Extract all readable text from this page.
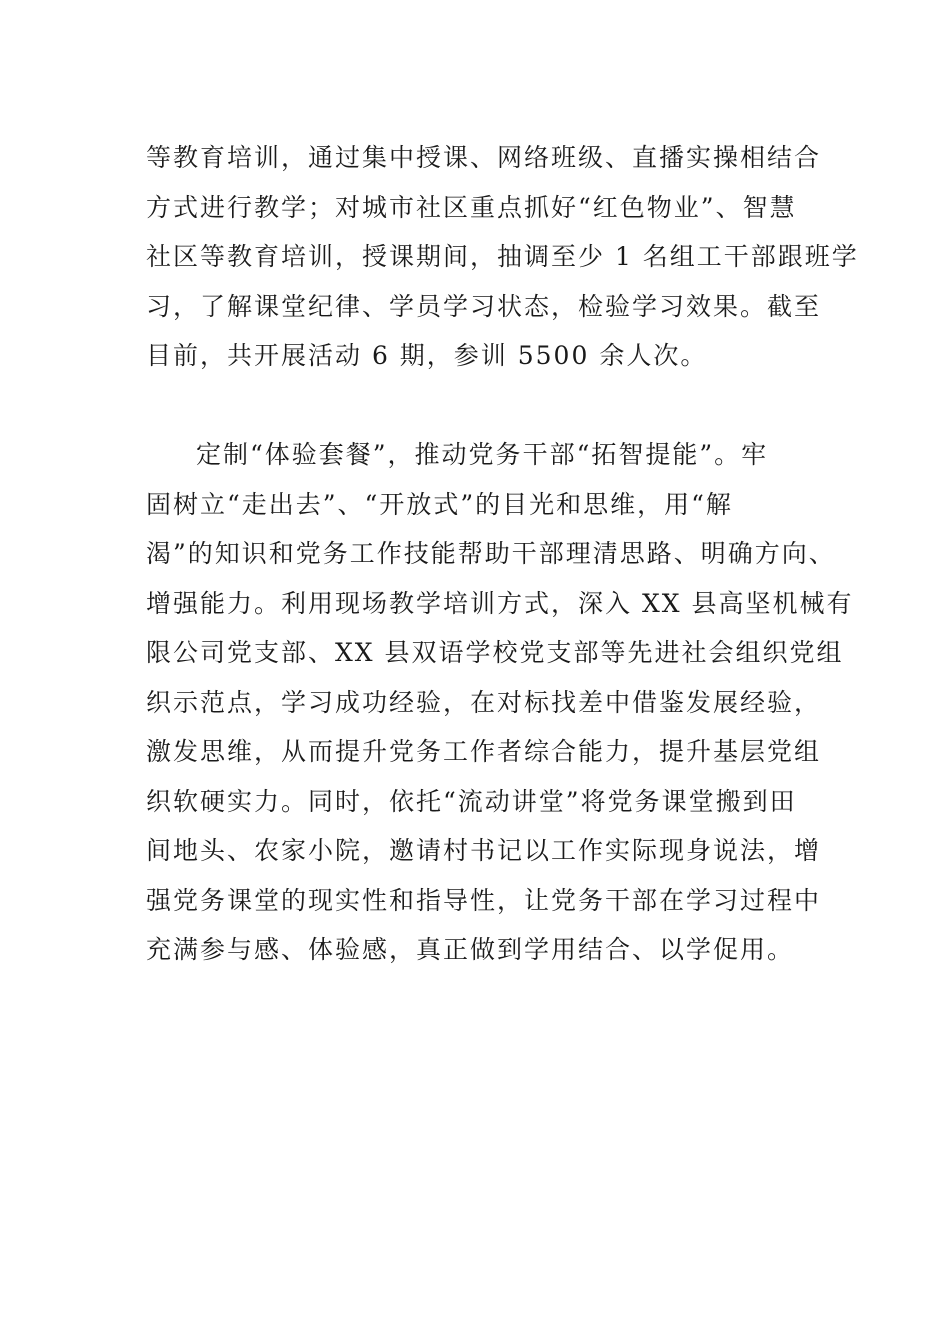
等教育培训，通过集中授课、网络班级、直播实操相结合
方式进行教学；对城市社区重点抓好“红色物业”、智慧
社区等教育培训，授课期间，抽调至少 1 名组工干部跟班学
习，了解课堂纪律、学员学习状态，检验学习效果。截至
目前，共开展活动 6 期，参训 5500 余人次。
定制“体验套餐”，推动党务干部“拓智提能”。牢
固树立“走出去”、“开放式”的目光和思维，用“解
渴”的知识和党务工作技能帮助干部理清思路、明确方向、
增强能力。利用现场教学培训方式，深入 XX 县高坚机械有
限公司党支部、XX 县双语学校党支部等先进社会组织党组
织示范点，学习成功经验，在对标找差中借鉴发展经验，
激发思维，从而提升党务工作者综合能力，提升基层党组
织软硬实力。同时，依托“流动讲堂”将党务课堂搬到田
间地头、农家小院，邀请村书记以工作实际现身说法，增
强党务课堂的现实性和指导性，让党务干部在学习过程中
充满参与感、体验感，真正做到学用结合、以学促用。
